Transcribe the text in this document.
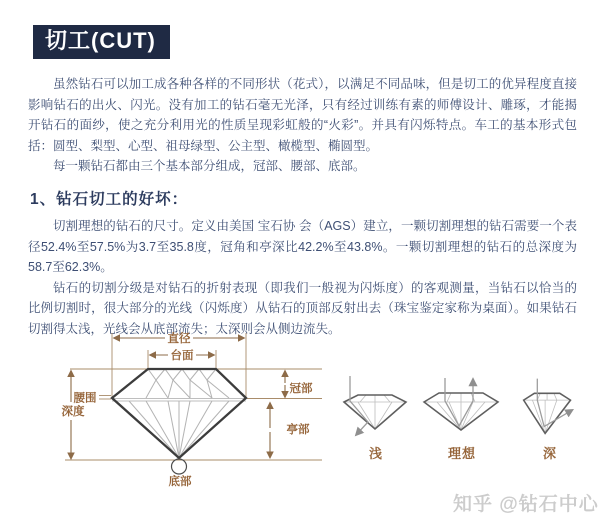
切工(CUT)

虽然钻石可以加工成各种各样的不同形状（花式），以满足不同品味，但是切工的优异程度直接影响钻石的出火、闪光。没有加工的钻石毫无光泽，只有经过训练有素的师傅设计、雕琢，才能揭开钻石的面纱，使之充分利用光的性质呈现彩虹般的“火彩”。并具有闪烁特点。车工的基本形式包括：圆型、梨型、心型、祖母绿型、公主型、橄榄型、椭圆型。

每一颗钻石都由三个基本部分组成，冠部、腰部、底部。

1、钻石切工的好坏：

切割理想的钻石的尺寸。定义由美国 宝石协 会（AGS）建立，一颗切割理想的钻石需要一个表径52.4%至57.5%为3.7至35.8度，冠角和亭深比42.2%至43.8%。一颗切割理想的钻石的总深度为58.7至62.3%。

钻石的切割分级是对钻石的折射表现（即我们一般视为闪烁度）的客观测量，当钻石以恰当的比例切割时，很大部分的光线（闪烁度）从钻石的顶部反射出去（珠宝鉴定家称为桌面）。如果钻石切割得太浅，光线会从底部流失；太深则会从侧边流失。

直径
台面
腰围
深度
冠部
亭部
底部
浅	理想	深
知乎 @钻石中心
